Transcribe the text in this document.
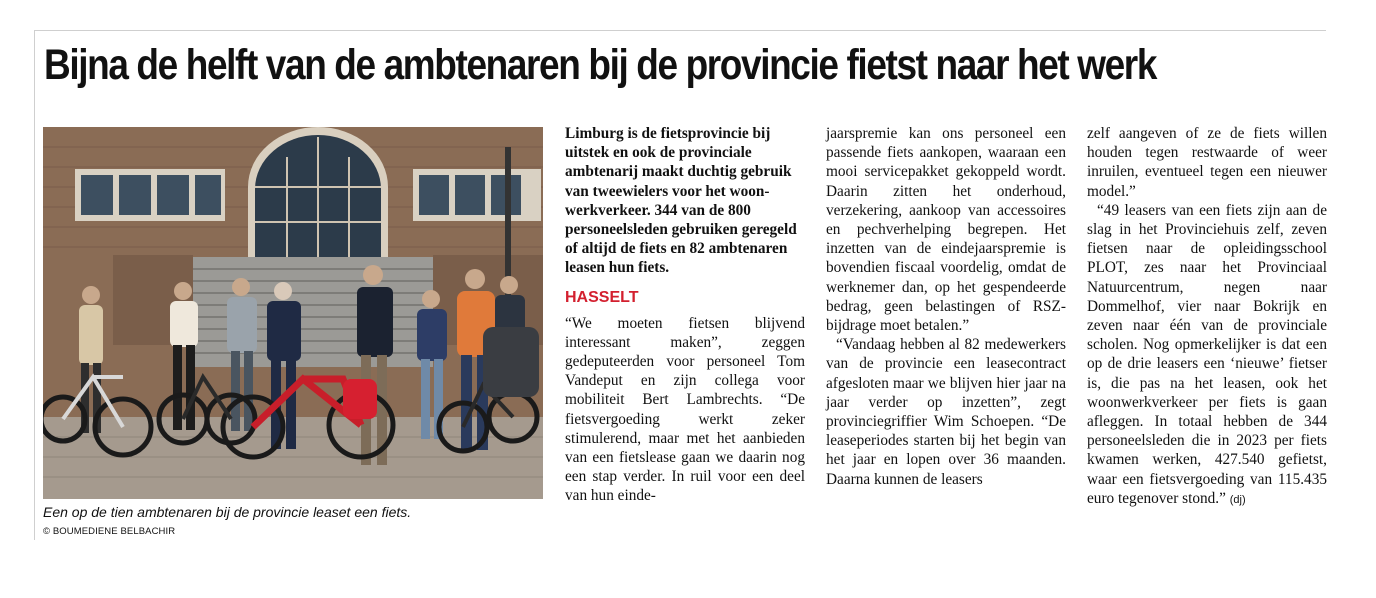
Bijna de helft van de ambtenaren bij de provincie fietst naar het werk

Een op de tien ambtenaren bij de provincie leaset een fiets.

© BOUMEDIENE BELBACHIR

Limburg is de fietsprovincie bij uitstek en ook de provinciale ambtenarij maakt duchtig gebruik van tweewielers voor het woon-werkverkeer. 344 van de 800 personeelsleden gebruiken geregeld of altijd de fiets en 82 ambtenaren leasen hun fiets.

HASSELT

“We moeten fietsen blijvend interessant maken”, zeggen gedeputeerden voor personeel Tom Vandeput en zijn collega voor mobiliteit Bert Lambrechts. “De fietsvergoeding werkt zeker stimulerend, maar met het aanbieden van een fietslease gaan we daarin nog een stap verder. In ruil voor een deel van hun einde-

jaarspremie kan ons personeel een passende fiets aankopen, waaraan een mooi servicepakket gekoppeld wordt. Daarin zitten het onderhoud, verzekering, aankoop van accessoires en pechverhelping begrepen. Het inzetten van de eindejaarspremie is bovendien fiscaal voordelig, omdat de werknemer dan, op het gespendeerde bedrag, geen belastingen of RSZ-bijdrage moet betalen.”

“Vandaag hebben al 82 medewerkers van de provincie een leasecontract afgesloten maar we blijven hier jaar na jaar verder op inzetten”, zegt provinciegriffier Wim Schoepen. “De leaseperiodes starten bij het begin van het jaar en lopen over 36 maanden. Daarna kunnen de leasers

zelf aangeven of ze de fiets willen houden tegen restwaarde of weer inruilen, eventueel tegen een nieuwer model.”

“49 leasers van een fiets zijn aan de slag in het Provinciehuis zelf, zeven fietsen naar de opleidingsschool PLOT, zes naar het Provinciaal Natuurcentrum, negen naar Dommelhof, vier naar Bokrijk en zeven naar één van de provinciale scholen. Nog opmerkelijker is dat een op de drie leasers een ‘nieuwe’ fietser is, die pas na het leasen, ook het woonwerkverkeer per fiets is gaan afleggen. In totaal hebben de 344 personeelsleden die in 2023 per fiets kwamen werken, 427.540 gefietst, waar een fietsvergoeding van 115.435 euro tegenover stond.” (dj)
